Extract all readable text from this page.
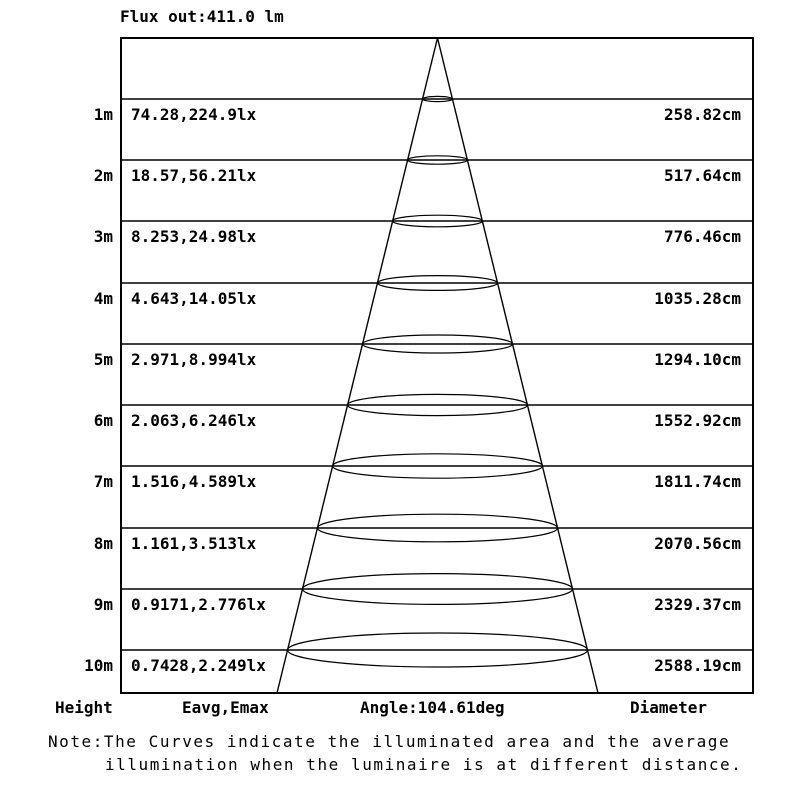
Flux out:411.0 lm
1m 74.28,224.9lx	258.82cm
2m 18.57,56.21lx	517.64cm
3m 8.253,24.98lx	776.46cm
4m 4.643,14.05lx	1035.28cm
5m 2.971,8.994lx	1294.10cm
6m 2.063,6.246lx	1552.92cm
7m 1.516,4.589lx	1811.74cm
8m 1.161,3.513lx	2070.56cm
9m 0.9171,2.776lx	2329.37cm
10m 0.7428,2.249lx	2588.19cm
Height	Eavg,Emax	Angle:104.61deg	Diameter
Note:The Curves indicate the illuminated area and the average
illumination when the luminaire is at different distance.
